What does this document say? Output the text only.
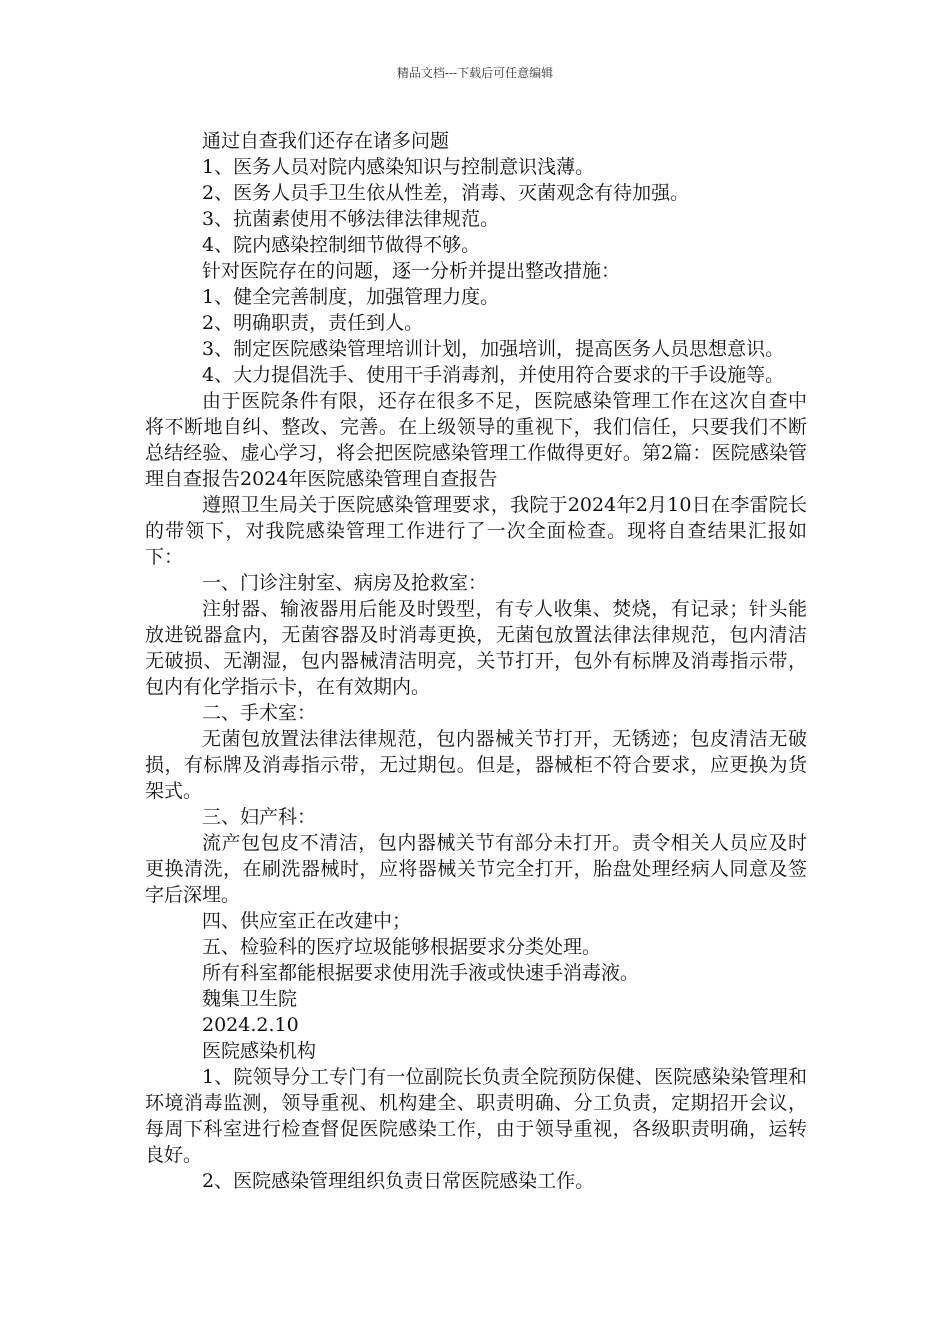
精品文档---下载后可任意编辑

通过自查我们还存在诸多问题

1、医务人员对院内感染知识与控制意识浅薄。

2、医务人员手卫生依从性差，消毒、灭菌观念有待加强。

3、抗菌素使用不够法律法律规范。

4、院内感染控制细节做得不够。

针对医院存在的问题，逐一分析并提出整改措施：

1、健全完善制度，加强管理力度。

2、明确职责，责任到人。

3、制定医院感染管理培训计划，加强培训，提高医务人员思想意识。

4、大力提倡洗手、使用干手消毒剂，并使用符合要求的干手设施等。

由于医院条件有限，还存在很多不足，医院感染管理工作在这次自查中将不断地自纠、整改、完善。在上级领导的重视下，我们信任，只要我们不断总结经验、虚心学习，将会把医院感染管理工作做得更好。第2篇：医院感染管理自查报告2024年医院感染管理自查报告

遵照卫生局关于医院感染管理要求，我院于2024年2月10日在李雷院长的带领下，对我院感染管理工作进行了一次全面检查。现将自查结果汇报如下：

一、门诊注射室、病房及抢救室：

注射器、输液器用后能及时毁型，有专人收集、焚烧，有记录；针头能放进锐器盒内，无菌容器及时消毒更换，无菌包放置法律法律规范，包内清洁无破损、无潮湿，包内器械清洁明亮，关节打开，包外有标牌及消毒指示带，包内有化学指示卡，在有效期内。

二、手术室：

无菌包放置法律法律规范，包内器械关节打开，无锈迹；包皮清洁无破损，有标牌及消毒指示带，无过期包。但是，器械柜不符合要求，应更换为货架式。

三、妇产科：

流产包包皮不清洁，包内器械关节有部分未打开。责令相关人员应及时更换清洗，在刷洗器械时，应将器械关节完全打开，胎盘处理经病人同意及签字后深埋。

四、供应室正在改建中；

五、检验科的医疗垃圾能够根据要求分类处理。

所有科室都能根据要求使用洗手液或快速手消毒液。

魏集卫生院

2024.2.10

医院感染机构

1、院领导分工专门有一位副院长负责全院预防保健、医院感染染管理和环境消毒监测，领导重视、机构建全、职责明确、分工负责，定期招开会议，每周下科室进行检查督促医院感染工作，由于领导重视，各级职责明确，运转良好。

2、医院感染管理组织负责日常医院感染工作。
